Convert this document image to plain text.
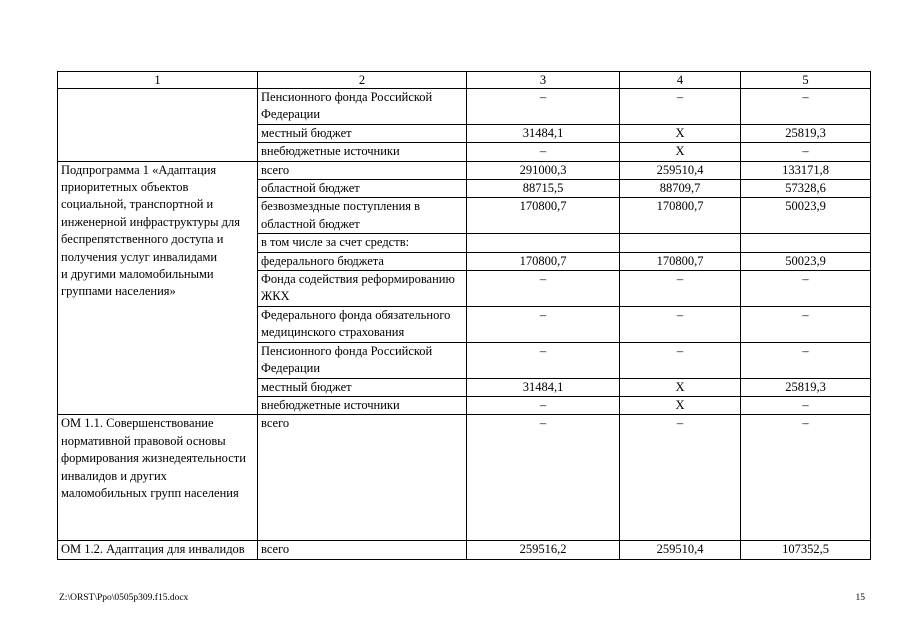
1	2	3	4	5
	Пенсионного фонда Российской Федерации	–	–	–
	местный бюджет	31484,1	X	25819,3
	внебюджетные источники	–	X	–
Подпрограмма 1 «Адаптация приоритетных объектов социальной, транспортной и инженерной инфраструктуры для беспрепятственного доступа и получения услуг инвалидами
и другими маломобильными группами населения»	всего	291000,3	259510,4	133171,8
	областной бюджет	88715,5	88709,7	57328,6
	безвозмездные поступления в областной бюджет	170800,7	170800,7	50023,9
	в том числе за счет средств:			
	федерального бюджета	170800,7	170800,7	50023,9
	Фонда содействия реформированию ЖКХ	–	–	–
	Федерального фонда обязательного медицинского страхования	–	–	–
	Пенсионного фонда Российской Федерации	–	–	–
	местный бюджет	31484,1	X	25819,3
	внебюджетные источники	–	X	–
ОМ 1.1. Совершенствование нормативной правовой основы формирования жизнедеятельности инвалидов и других маломобильных групп населения	всего	–	–	–
ОМ 1.2. Адаптация для инвалидов	всего	259516,2	259510,4	107352,5
Z:\ORST\Ppo\0505p309.f15.docx	15
